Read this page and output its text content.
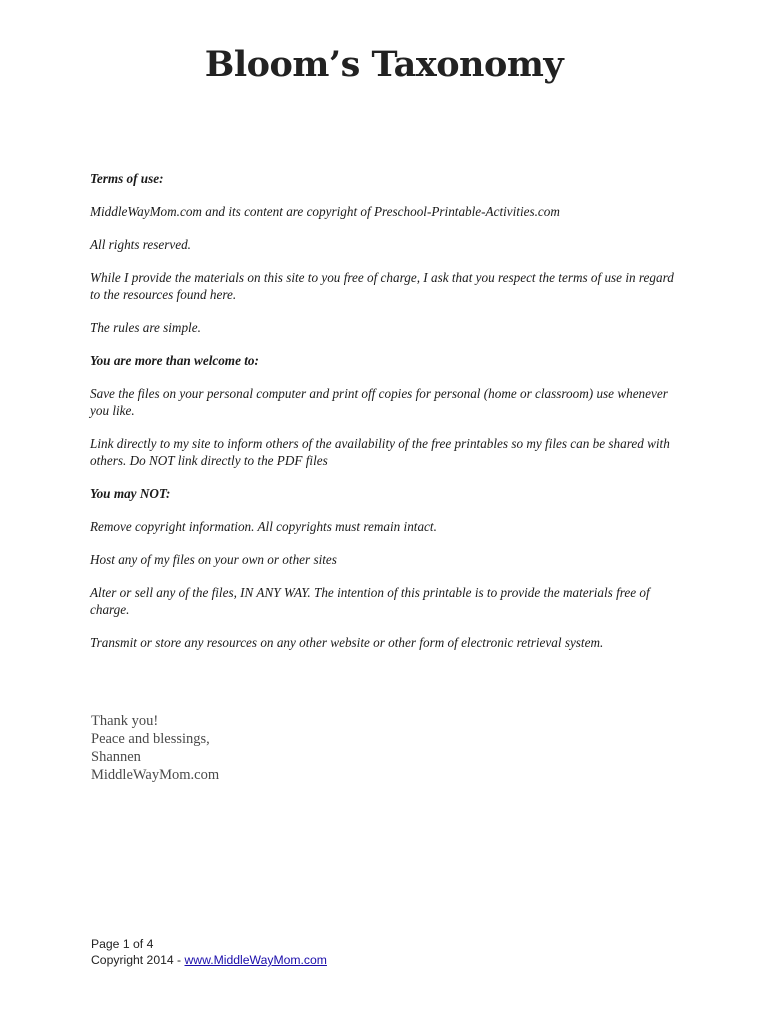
Bloom’s Taxonomy

Terms of use:

MiddleWayMom.com and its content are copyright of Preschool-Printable-Activities.com

All rights reserved.

While I provide the materials on this site to you free of charge, I ask that you respect the terms of use in regard to the resources found here.

The rules are simple.

You are more than welcome to:

Save the files on your personal computer and print off copies for personal (home or classroom) use whenever you like.

Link directly to my site to inform others of the availability of the free printables so my files can be shared with others. Do NOT link directly to the PDF files

You may NOT:

Remove copyright information. All copyrights must remain intact.

Host any of my files on your own or other sites

Alter or sell any of the files, IN ANY WAY. The intention of this printable is to provide the materials free of charge.

Transmit or store any resources on any other website or other form of electronic retrieval system.

Thank you!
Peace and blessings,
Shannen
MiddleWayMom.com
Page 1 of 4
Copyright 2014 - www.MiddleWayMom.com
